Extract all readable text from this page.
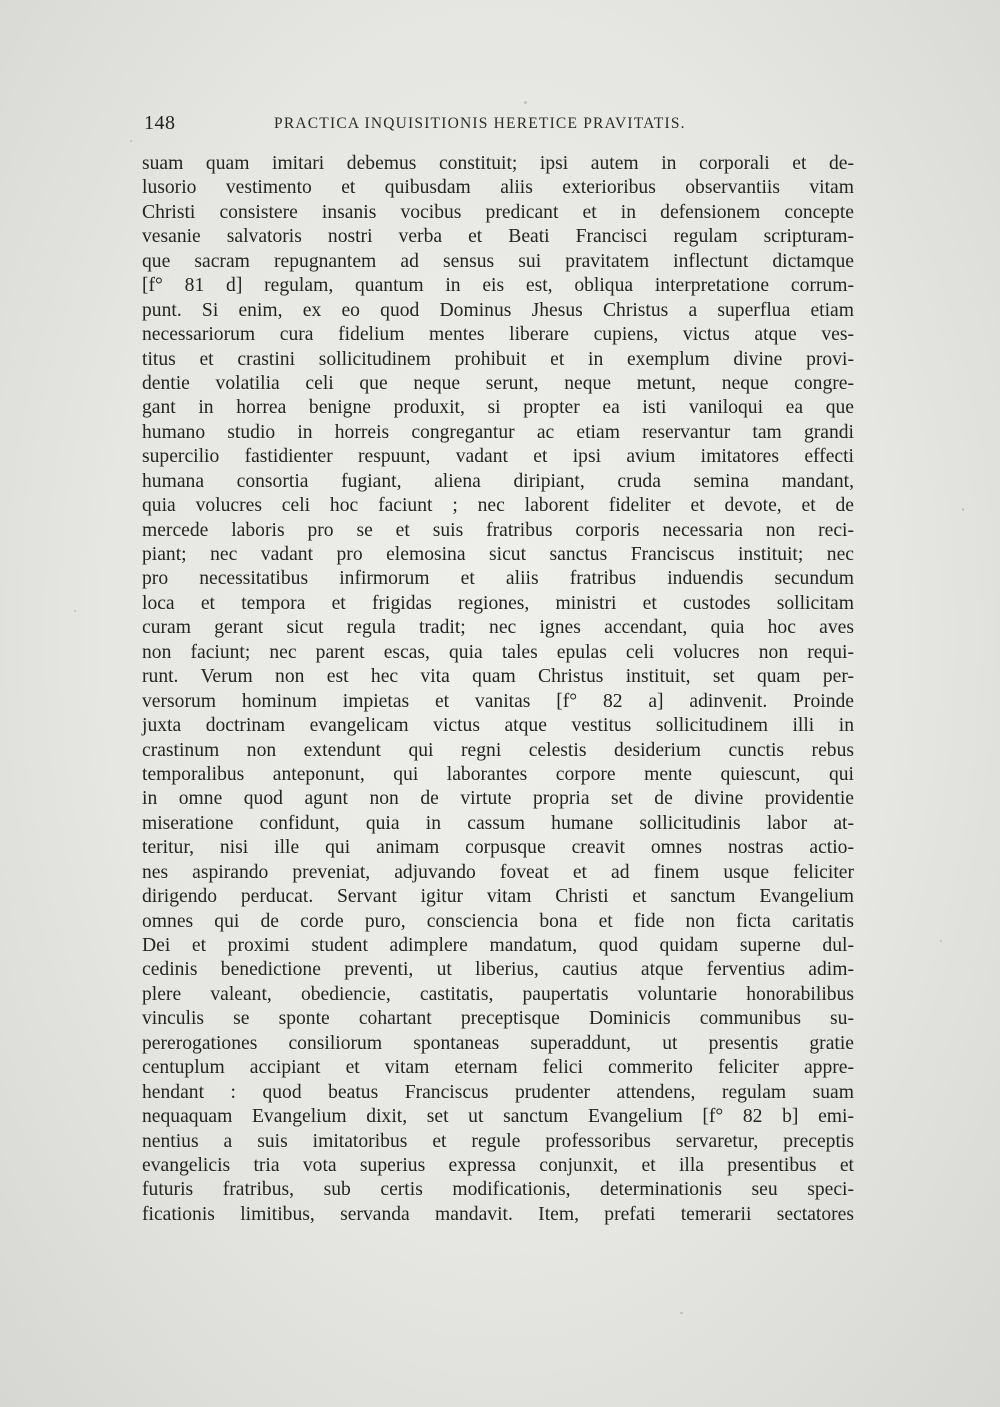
148	PRACTICA INQUISITIONIS HERETICE PRAVITATIS.
suam quam imitari debemus constituit; ipsi autem in corporali et de-
lusorio vestimento et quibusdam aliis exterioribus observantiis vitam
Christi consistere insanis vocibus predicant et in defensionem concepte
vesanie salvatoris nostri verba et Beati Francisci regulam scripturam-
que sacram repugnantem ad sensus sui pravitatem inflectunt dictamque
[f° 81 d] regulam, quantum in eis est, obliqua interpretatione corrum-
punt. Si enim, ex eo quod Dominus Jhesus Christus a superflua etiam
necessariorum cura fidelium mentes liberare cupiens, victus atque ves-
titus et crastini sollicitudinem prohibuit et in exemplum divine provi-
dentie volatilia celi que neque serunt, neque metunt, neque congre-
gant in horrea benigne produxit, si propter ea isti vaniloqui ea que
humano studio in horreis congregantur ac etiam reservantur tam grandi
supercilio fastidienter respuunt, vadant et ipsi avium imitatores effecti
humana consortia fugiant, aliena diripiant, cruda semina mandant,
quia volucres celi hoc faciunt ; nec laborent fideliter et devote, et de
mercede laboris pro se et suis fratribus corporis necessaria non reci-
piant; nec vadant pro elemosina sicut sanctus Franciscus instituit; nec
pro necessitatibus infirmorum et aliis fratribus induendis secundum
loca et tempora et frigidas regiones, ministri et custodes sollicitam
curam gerant sicut regula tradit; nec ignes accendant, quia hoc aves
non faciunt; nec parent escas, quia tales epulas celi volucres non requi-
runt. Verum non est hec vita quam Christus instituit, set quam per-
versorum hominum impietas et vanitas [f° 82 a] adinvenit. Proinde
juxta doctrinam evangelicam victus atque vestitus sollicitudinem illi in
crastinum non extendunt qui regni celestis desiderium cunctis rebus
temporalibus anteponunt, qui laborantes corpore mente quiescunt, qui
in omne quod agunt non de virtute propria set de divine providentie
miseratione confidunt, quia in cassum humane sollicitudinis labor at-
teritur, nisi ille qui animam corpusque creavit omnes nostras actio-
nes aspirando preveniat, adjuvando foveat et ad finem usque feliciter
dirigendo perducat. Servant igitur vitam Christi et sanctum Evangelium
omnes qui de corde puro, consciencia bona et fide non ficta caritatis
Dei et proximi student adimplere mandatum, quod quidam superne dul-
cedinis benedictione preventi, ut liberius, cautius atque ferventius adim-
plere valeant, obediencie, castitatis, paupertatis voluntarie honorabilibus
vinculis se sponte cohartant preceptisque Dominicis communibus su-
pererogationes consiliorum spontaneas superaddunt, ut presentis gratie
centuplum accipiant et vitam eternam felici commerito feliciter appre-
hendant : quod beatus Franciscus prudenter attendens, regulam suam
nequaquam Evangelium dixit, set ut sanctum Evangelium [f° 82 b] emi-
nentius a suis imitatoribus et regule professoribus servaretur, preceptis
evangelicis tria vota superius expressa conjunxit, et illa presentibus et
futuris fratribus, sub certis modificationis, determinationis seu speci-
ficationis limitibus, servanda mandavit. Item, prefati temerarii sectatores
